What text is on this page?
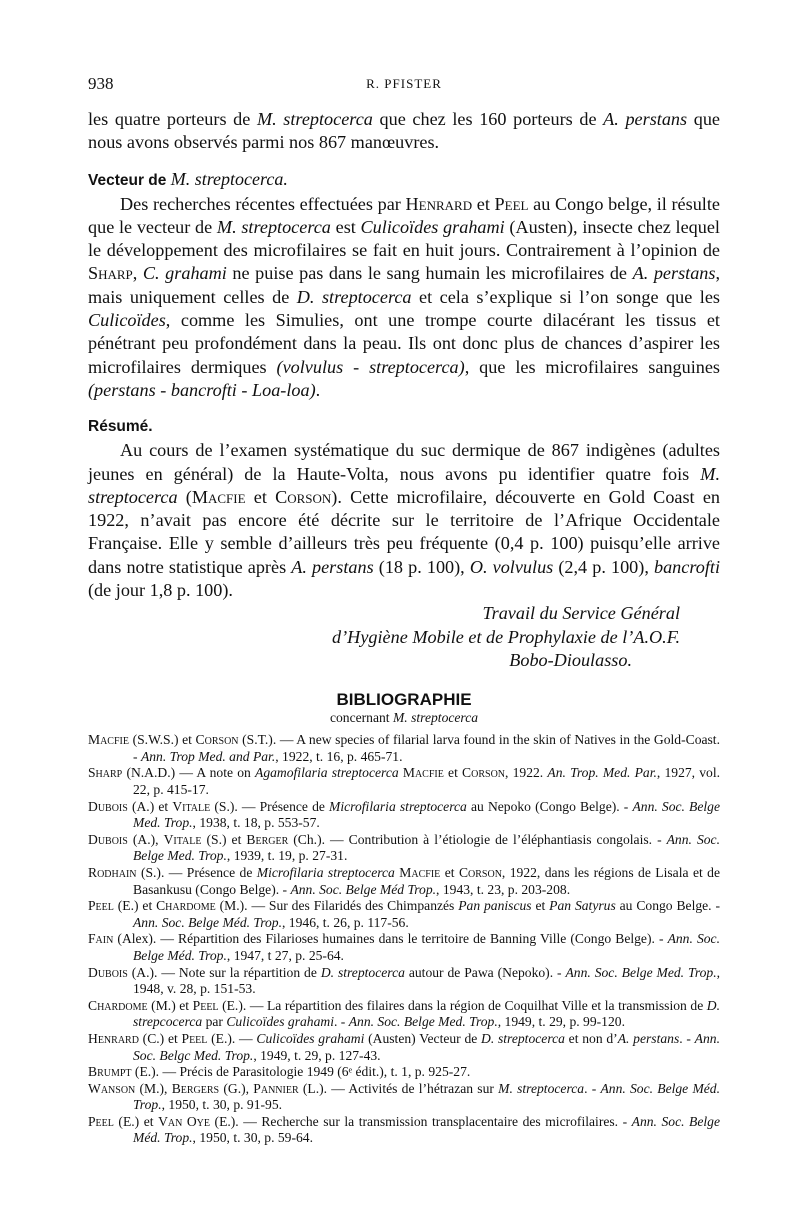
938	R. PFISTER

les quatre porteurs de M. streptocerca que chez les 160 porteurs de A. perstans que nous avons observés parmi nos 867 manœuvres.

Vecteur de M. streptocerca.

Des recherches récentes effectuées par Henrard et Peel au Congo belge, il résulte que le vecteur de M. streptocerca est Culicoïdes grahami (Austen), insecte chez lequel le développement des microfilaires se fait en huit jours. Contrairement à l’opinion de Sharp, C. grahami ne puise pas dans le sang humain les microfilaires de A. perstans, mais uniquement celles de D. streptocerca et cela s’explique si l’on songe que les Culicoïdes, comme les Simulies, ont une trompe courte dilacérant les tissus et pénétrant peu profondément dans la peau. Ils ont donc plus de chances d’aspirer les microfilaires dermiques (volvulus - streptocerca), que les microfilaires sanguines (perstans - bancrofti - Loa-loa).

Résumé.

Au cours de l’examen systématique du suc dermique de 867 indigènes (adultes jeunes en général) de la Haute-Volta, nous avons pu identifier quatre fois M. streptocerca (Macfie et Corson). Cette microfilaire, découverte en Gold Coast en 1922, n’avait pas encore été décrite sur le territoire de l’Afrique Occidentale Française. Elle y semble d’ailleurs très peu fréquente (0,4 p. 100) puisqu’elle arrive dans notre statistique après A. perstans (18 p. 100), O. volvulus (2,4 p. 100), bancrofti (de jour 1,8 p. 100).

Travail du Service Général

d’Hygiène Mobile et de Prophylaxie de l’A.O.F.

Bobo-Dioulasso.

BIBLIOGRAPHIE

concernant M. streptocerca

Macfie (S.W.S.) et Corson (S.T.). — A new species of filarial larva found in the skin of Natives in the Gold-Coast. - Ann. Trop Med. and Par., 1922, t. 16, p. 465-71.

Sharp (N.A.D.) — A note on Agamofilaria streptocerca Macfie et Corson, 1922. An. Trop. Med. Par., 1927, vol. 22, p. 415-17.

Dubois (A.) et Vitale (S.). — Présence de Microfilaria streptocerca au Nepoko (Congo Belge). - Ann. Soc. Belge Med. Trop., 1938, t. 18, p. 553-57.

Dubois (A.), Vitale (S.) et Berger (Ch.). — Contribution à l’étiologie de l’éléphantiasis congolais. - Ann. Soc. Belge Med. Trop., 1939, t. 19, p. 27-31.

Rodhain (S.). — Présence de Microfilaria streptocerca Macfie et Corson, 1922, dans les régions de Lisala et de Basankusu (Congo Belge). - Ann. Soc. Belge Méd Trop., 1943, t. 23, p. 203-208.

Peel (E.) et Chardome (M.). — Sur des Filaridés des Chimpanzés Pan paniscus et Pan Satyrus au Congo Belge. - Ann. Soc. Belge Méd. Trop., 1946, t. 26, p. 117-56.

Fain (Alex). — Répartition des Filarioses humaines dans le territoire de Banning Ville (Congo Belge). - Ann. Soc. Belge Méd. Trop., 1947, t 27, p. 25-64.

Dubois (A.). — Note sur la répartition de D. streptocerca autour de Pawa (Nepoko). - Ann. Soc. Belge Med. Trop., 1948, v. 28, p. 151-53.

Chardome (M.) et Peel (E.). — La répartition des filaires dans la région de Coquilhat Ville et la transmission de D. strepcocerca par Culicoïdes grahami. - Ann. Soc. Belge Med. Trop., 1949, t. 29, p. 99-120.

Henrard (C.) et Peel (E.). — Culicoïdes grahami (Austen) Vecteur de D. streptocerca et non d’A. perstans. - Ann. Soc. Belgc Med. Trop., 1949, t. 29, p. 127-43.

Brumpt (E.). — Précis de Parasitologie 1949 (6ᵉ édit.), t. 1, p. 925-27.

Wanson (M.), Bergers (G.), Pannier (L.). — Activités de l’hétrazan sur M. streptocerca. - Ann. Soc. Belge Méd. Trop., 1950, t. 30, p. 91-95.

Peel (E.) et Van Oye (E.). — Recherche sur la transmission transplacentaire des microfilaires. - Ann. Soc. Belge Méd. Trop., 1950, t. 30, p. 59-64.
